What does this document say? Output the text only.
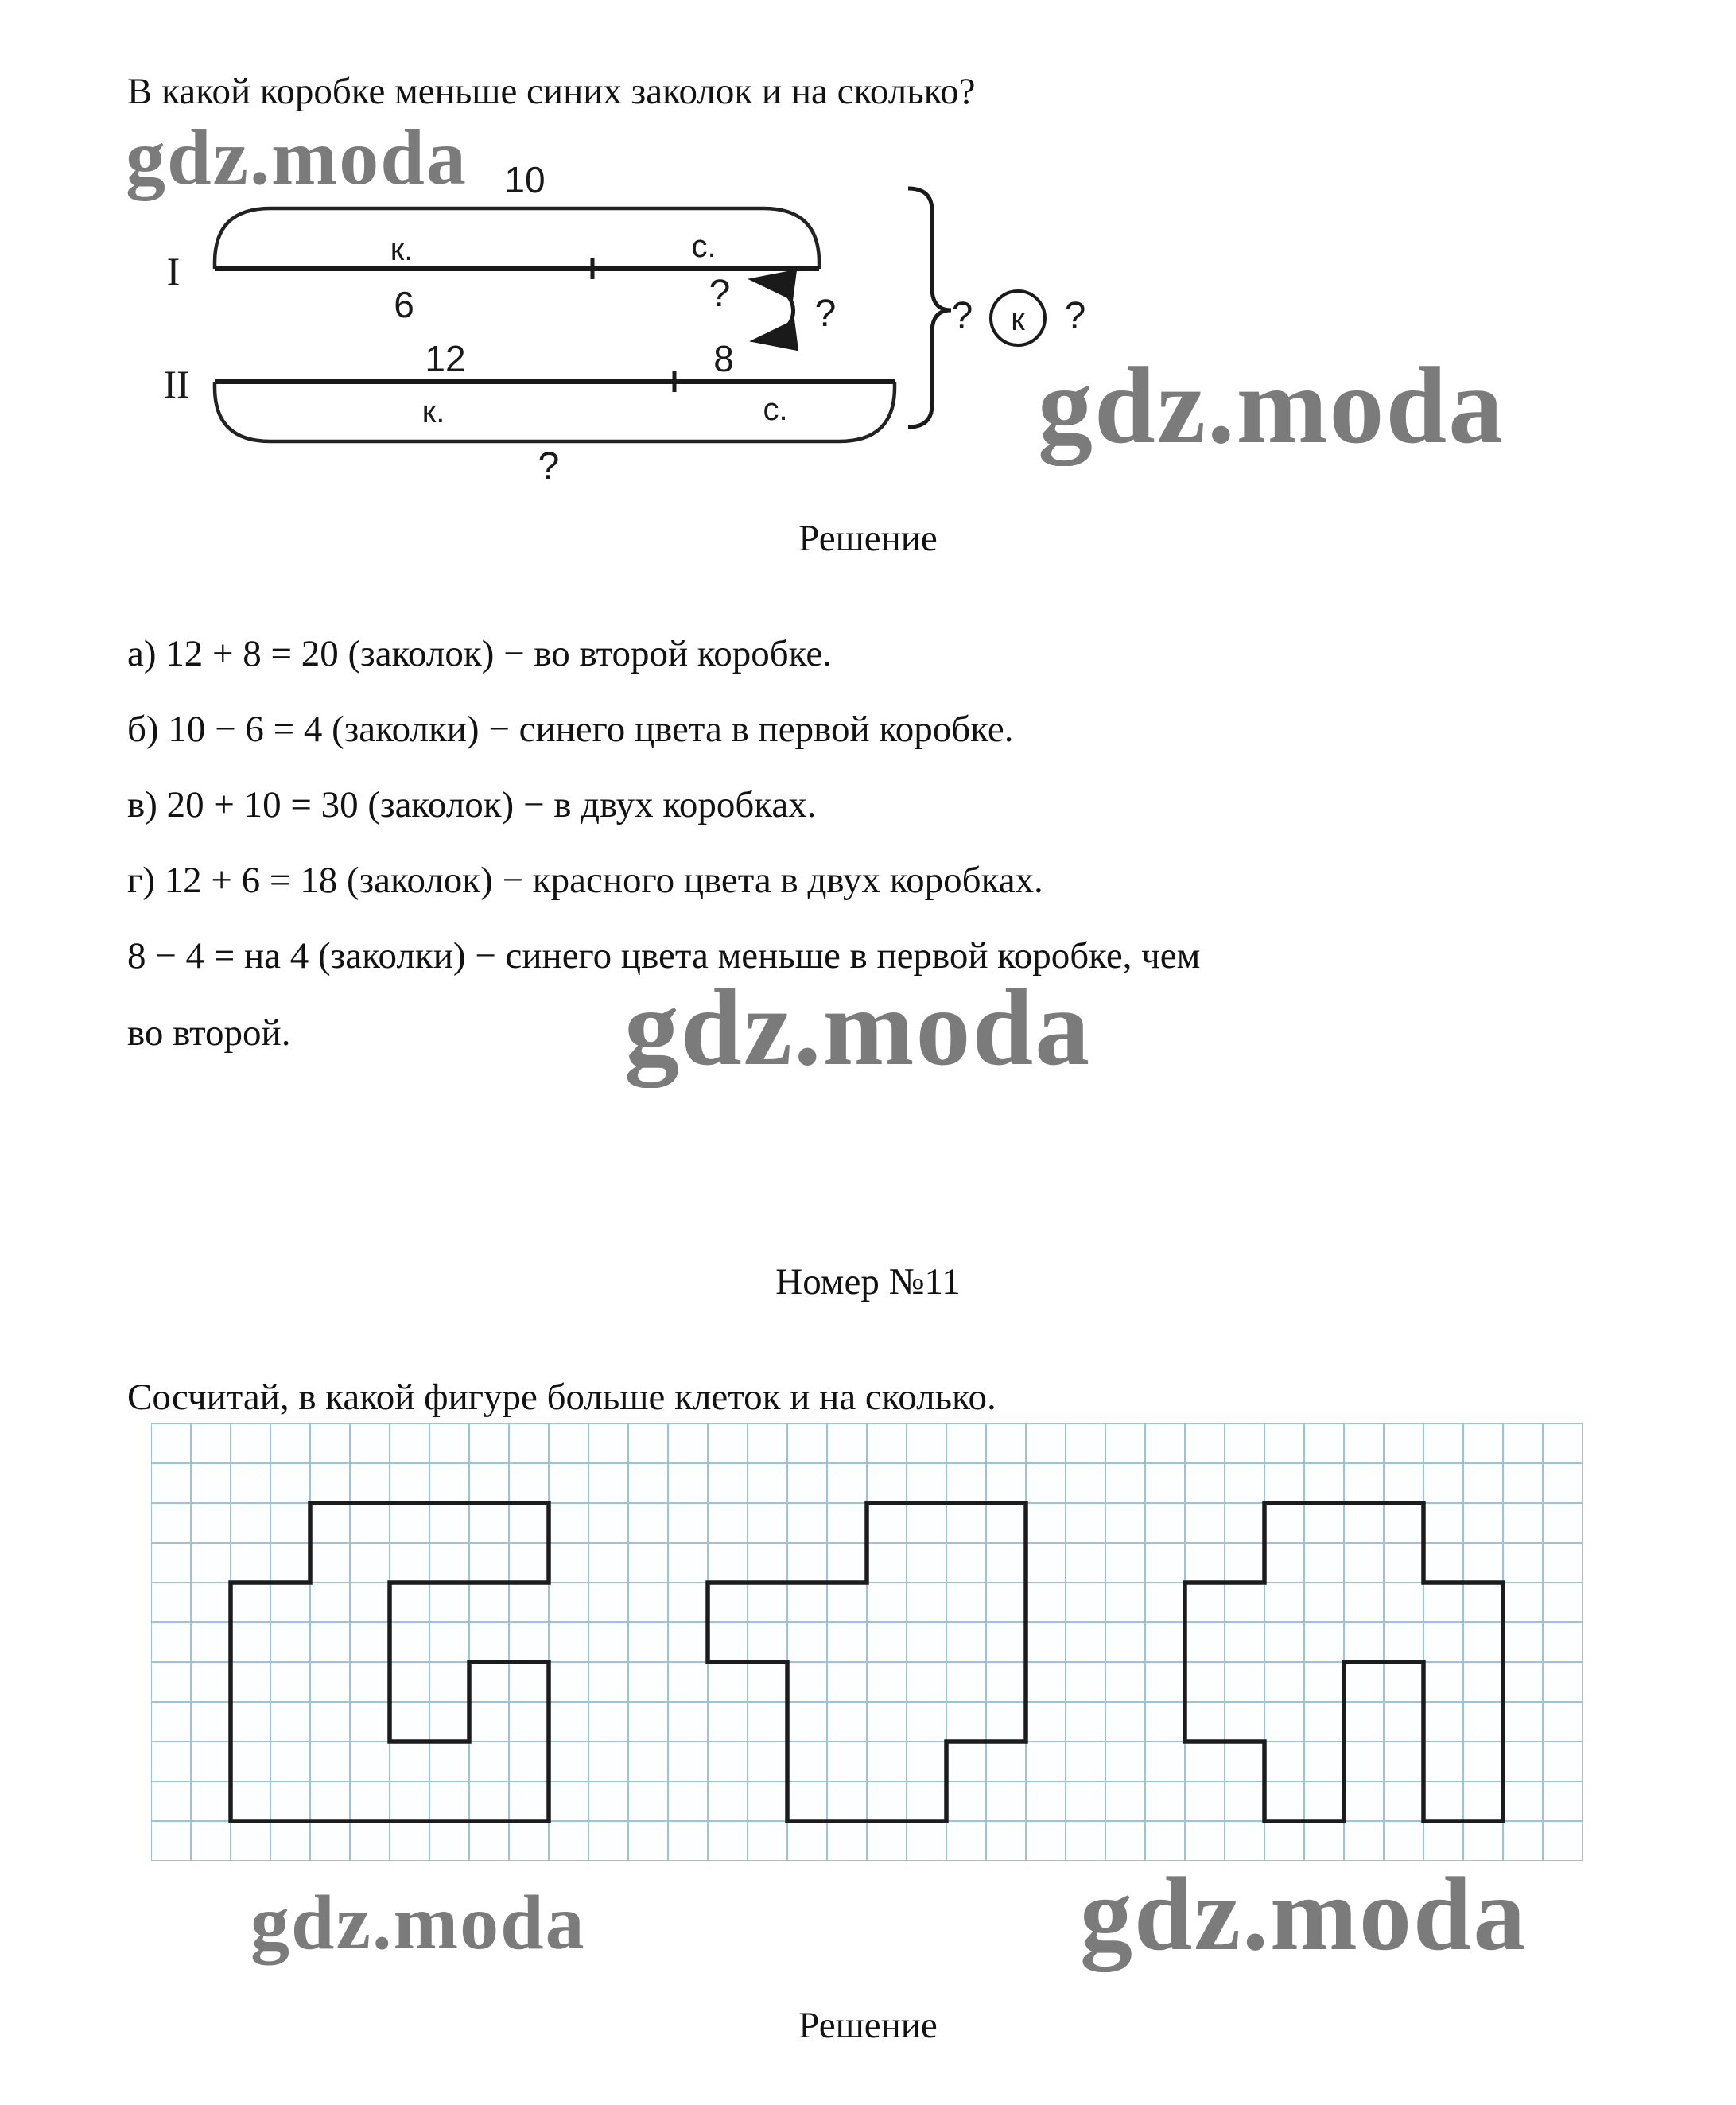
В какой коробке меньше синих заколок и на сколько?
gdz.moda 10
I	к.	с.
6	?
12	8
?
II
к.	с.
?
? к ?
gdz.moda
Решение
а) 12 + 8 = 20 (заколок) − во второй коробке.
б) 10 − 6 = 4 (заколки) − синего цвета в первой коробке.
в) 20 + 10 = 30 (заколок) − в двух коробках.
г) 12 + 6 = 18 (заколок) − красного цвета в двух коробках.
8 − 4 = на 4 (заколки) − синего цвета меньше в первой коробке, чем
во второй.	gdz.moda
Номер №11
Сосчитай, в какой фигуре больше клеток и на сколько.
gdz.moda	gdz.moda
Решение
